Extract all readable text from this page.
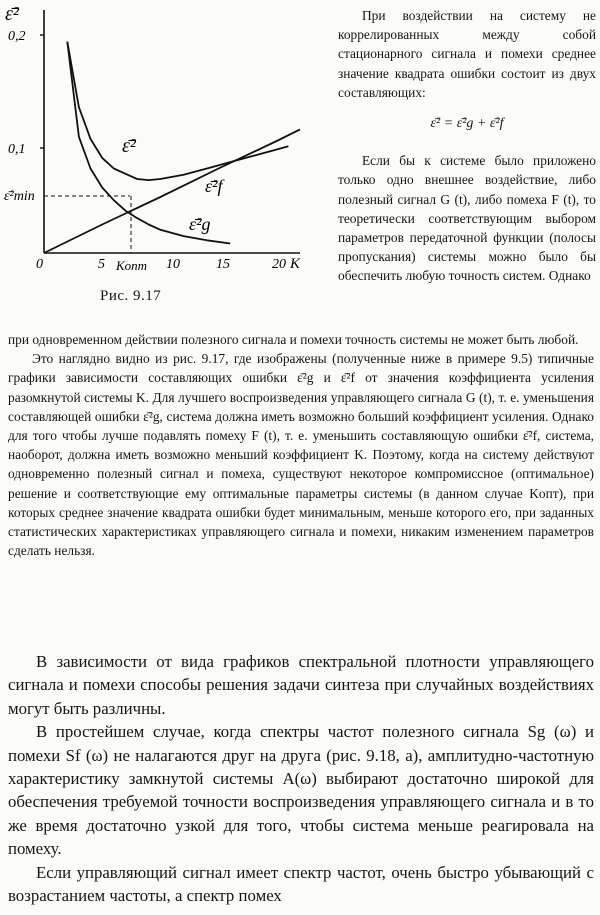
ε̄²
K
0,2
0,1
ε̄²min
0	5 Kопт 10	15	20
ε̄²
ε̄²f
ε̄²g
Рис. 9.17

При воздействии на систему не коррелированных между собой стационарного сигнала и помехи среднее значение квадрата ошибки состоит из двух составляющих:

ε̄² = ε̄²g + ε̄²f

Если бы к системе было приложено только одно внешнее воздействие, либо полезный сигнал G (t), либо помеха F (t), то теоретически соответствующим выбором параметров передаточной функции (полосы пропускания) системы можно было бы обеспечить любую точность систем. Однако

при одновременном действии полезного сигнала и помехи точность системы не может быть любой.

Это наглядно видно из рис. 9.17, где изображены (полученные ниже в примере 9.5) типичные графики зависимости составляющих ошибки ε̄²g и ε̄²f от значения коэффициента усиления разомкнутой системы K. Для лучшего воспроизведения управляющего сигнала G (t), т. е. уменьшения составляющей ошибки ε̄²g, система должна иметь возможно больший коэффициент усиления. Однако для того чтобы лучше подавлять помеху F (t), т. е. уменьшить составляющую ошибки ε̄²f, система, наоборот, должна иметь возможно меньший коэффициент K. Поэтому, когда на систему действуют одновременно полезный сигнал и помеха, существуют некоторое компромиссное (оптимальное) решение и соответствующие ему оптимальные параметры системы (в данном случае Kопт), при которых среднее значение квадрата ошибки будет минимальным, меньше которого его, при заданных статистических характеристиках управляющего сигнала и помехи, никаким изменением параметров сделать нельзя.

В зависимости от вида графиков спектральной плотности управляющего сигнала и помехи способы решения задачи синтеза при случайных воздействиях могут быть различны.

В простейшем случае, когда спектры частот полезного сигнала Sg (ω) и помехи Sf (ω) не налагаются друг на друга (рис. 9.18, а), амплитудно-частотную характеристику замкнутой системы A(ω) выбирают достаточно широкой для обеспечения требуемой точности воспроизведения управляющего сигнала и в то же время достаточно узкой для того, чтобы система меньше реагировала на помеху.

Если управляющий сигнал имеет спектр частот, очень быстро убывающий с возрастанием частоты, а спектр помех
